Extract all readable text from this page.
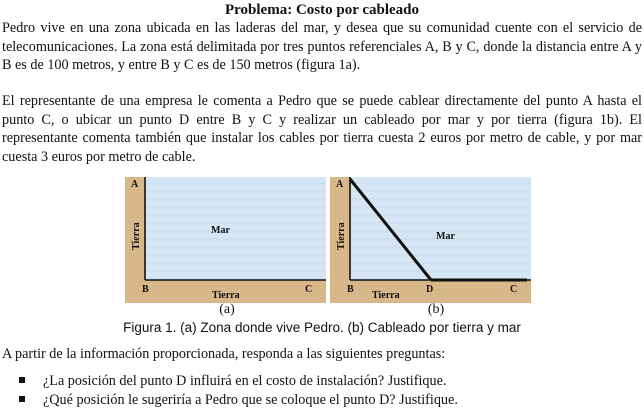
Problema: Costo por cableado

Pedro vive en una zona ubicada en las laderas del mar, y desea que su comunidad cuente con el servicio de telecomunicaciones. La zona está delimitada por tres puntos referenciales A, B y C, donde la distancia entre A y B es de 100 metros, y entre B y C es de 150 metros (figura 1a).

El representante de una empresa le comenta a Pedro que se puede cablear directamente del punto A hasta el punto C, o ubicar un punto D entre B y C y realizar un cableado por mar y por tierra (figura 1b). El representante comenta también que instalar los cables por tierra cuesta 2 euros por metro de cable, y por mar cuesta 3 euros por metro de cable.

A
B	C
Mar
Tierra
Tierra
A
B	D	C
Mar
Tierra
Tierra
(a)	(b)
Figura 1. (a) Zona donde vive Pedro. (b) Cableado por tierra y mar

A partir de la información proporcionada, responda a las siguientes preguntas:

¿La posición del punto D influirá en el costo de instalación? Justifique.
¿Qué posición le sugeriría a Pedro que se coloque el punto D? Justifique.
